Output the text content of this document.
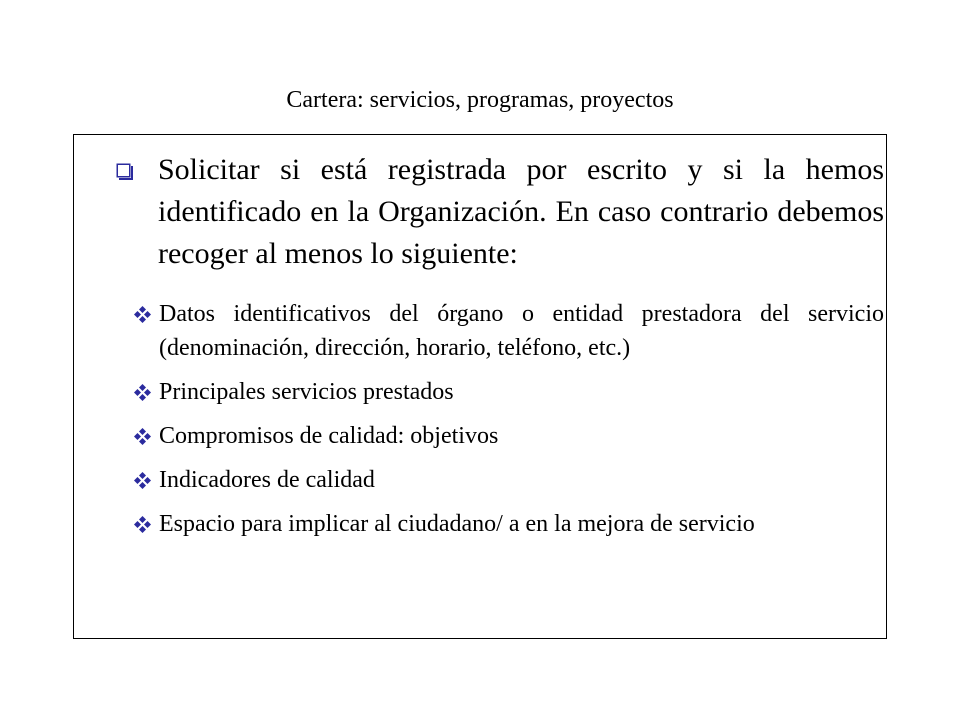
Cartera: servicios, programas, proyectos

Solicitar si está registrada por escrito y si la hemos identificado en la Organización. En caso contrario debemos recoger al menos lo siguiente:

Datos identificativos del órgano o entidad prestadora del servicio (denominación, dirección, horario, teléfono, etc.)
Principales servicios prestados
Compromisos de calidad: objetivos
Indicadores de calidad
Espacio para implicar al ciudadano/ a en la mejora de servicio
